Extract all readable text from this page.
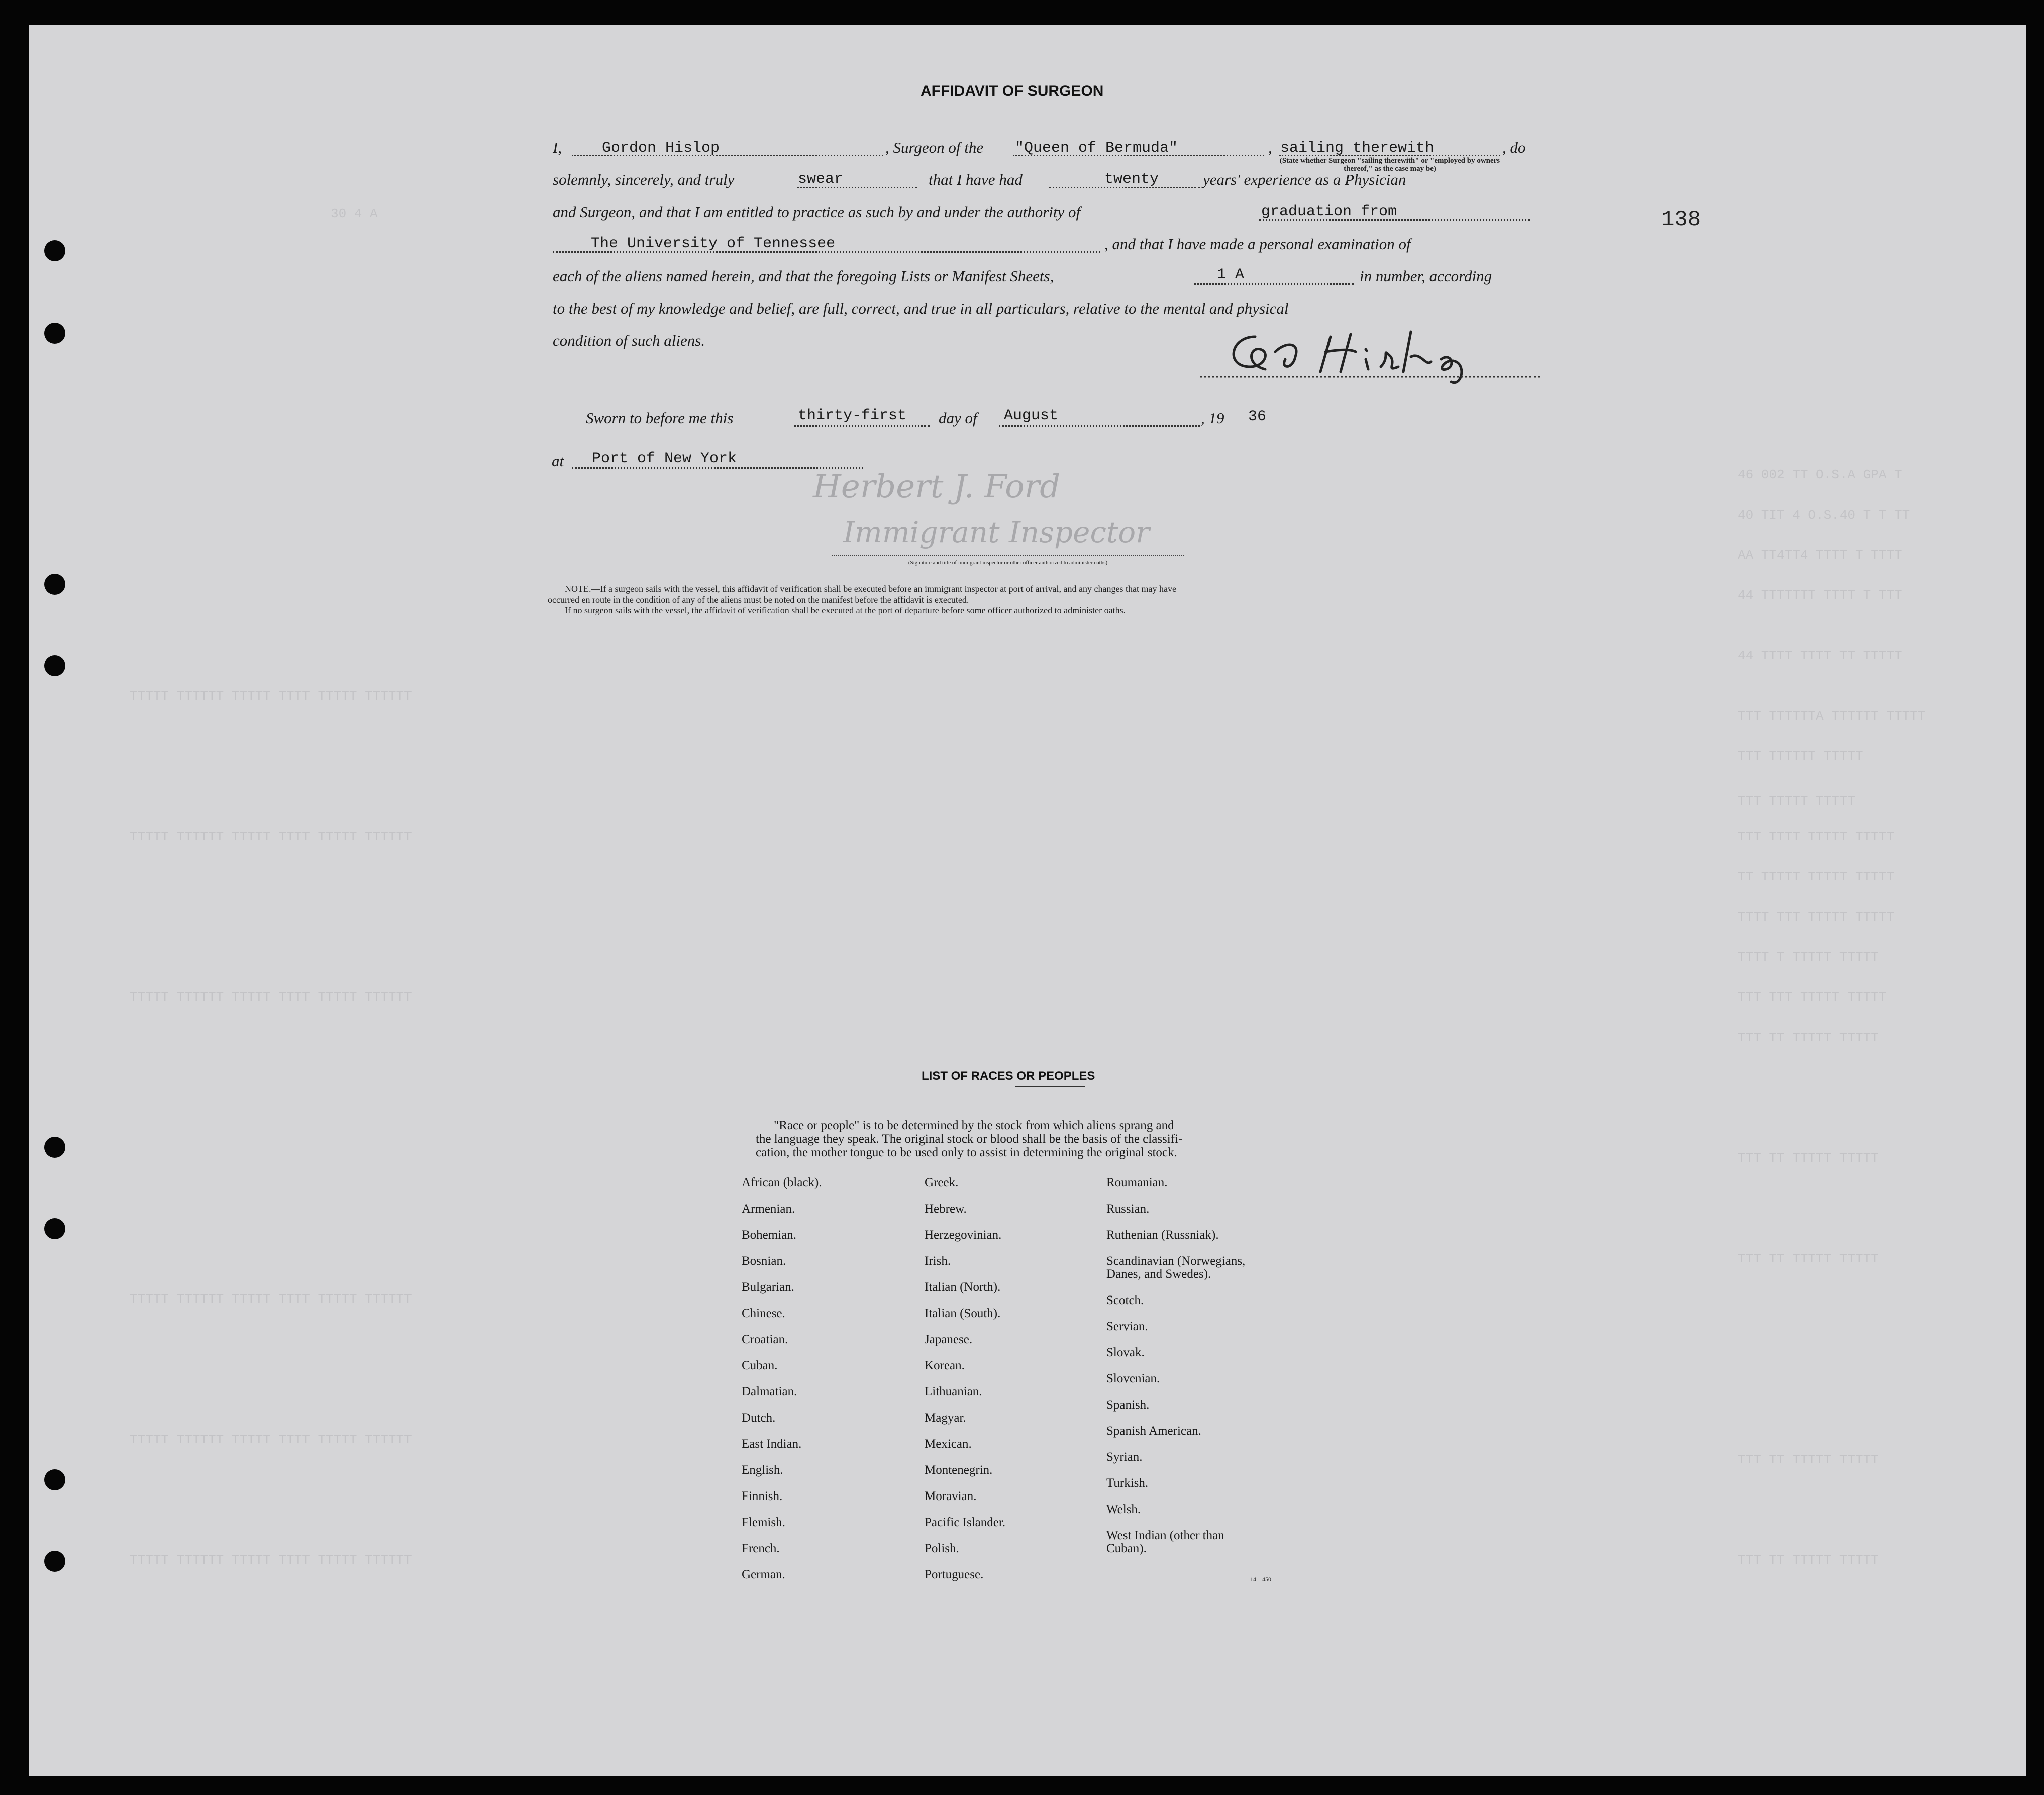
30 4 A
46 002 TT O.S.A GPA T
40 TIT 4 O.S.40 T T TT
AA TT4TT4 TTTT T TTTT
44 TTTTTTT TTTT T TTT
44 TTTT TTTT TT TTTTT
TTT TTTTTTA TTTTTT TTTTT
TTT TTTTTT TTTTT
TTT TTTTT TTTTT
TTT TTTT TTTTT TTTTT
TT TTTTT TTTTT TTTTT
TTTT TTT TTTTT TTTTT
TTTT T TTTTT TTTTT
TTT TTT TTTTT TTTTT
TTT TT TTTTT TTTTT
TTT TT TTTTT TTTTT
TTT TT TTTTT TTTTT
TTT TT TTTTT TTTTT
TTT TT TTTTT TTTTT
TTTTT TTTTTT TTTTT TTTT TTTTT TTTTTT
TTTTT TTTTTT TTTTT TTTT TTTTT TTTTTT
TTTTT TTTTTT TTTTT TTTT TTTTT TTTTTT
TTTTT TTTTTT TTTTT TTTT TTTTT TTTTTT
TTTTT TTTTTT TTTTT TTTT TTTTT TTTTTT
TTTTT TTTTTT TTTTT TTTT TTTTT TTTTTT
138
AFFIDAVIT OF SURGEON
I,	Gordon Hislop	, Surgeon of the "Queen of Bermuda"	, sailing therewith	, do
(State whether Surgeon "sailing therewith" or "employed by owners thereof," as the case may be)
solemnly, sincerely, and truly	swear	that I have had	twenty	years' experience as a Physician
and Surgeon, and that I am entitled to practice as such by and under the authority of	graduation from
The University of Tennessee	, and that I have made a personal examination of
each of the aliens named herein, and that the foregoing Lists or Manifest Sheets,	1 A	in number, according
to the best of my knowledge and belief, are full, correct, and true in all particulars, relative to the mental and physical
condition of such aliens.
Sworn to before me this	thirty-first day of August	, 19 36
at Port of New York
Herbert J. Ford
Immigrant Inspector
(Signature and title of immigrant inspector or other officer authorized to administer oaths)
NOTE.—If a surgeon sails with the vessel, this affidavit of verification shall be executed before an immigrant inspector at port of arrival, and any changes that may have
occurred en route in the condition of any of the aliens must be noted on the manifest before the affidavit is executed.
If no surgeon sails with the vessel, the affidavit of verification shall be executed at the port of departure before some officer authorized to administer oaths.
LIST OF RACES OR PEOPLES
"Race or people" is to be determined by the stock from which aliens sprang and
the language they speak. The original stock or blood shall be the basis of the classifi-
cation, the mother tongue to be used only to assist in determining the original stock.
African (black).
Armenian.
Bohemian.
Bosnian.
Bulgarian.
Chinese.
Croatian.
Cuban.
Dalmatian.
Dutch.
East Indian.
English.
Finnish.
Flemish.
French.
German.
Greek.
Hebrew.
Herzegovinian.
Irish.
Italian (North).
Italian (South).
Japanese.
Korean.
Lithuanian.
Magyar.
Mexican.
Montenegrin.
Moravian.
Pacific Islander.
Polish.
Portuguese.
Roumanian.
Russian.
Ruthenian (Russniak).
Scandinavian (Norwegians,
Danes, and Swedes).
Scotch.
Servian.
Slovak.
Slovenian.
Spanish.
Spanish American.
Syrian.
Turkish.
Welsh.
West Indian (other than
Cuban).
14—450
